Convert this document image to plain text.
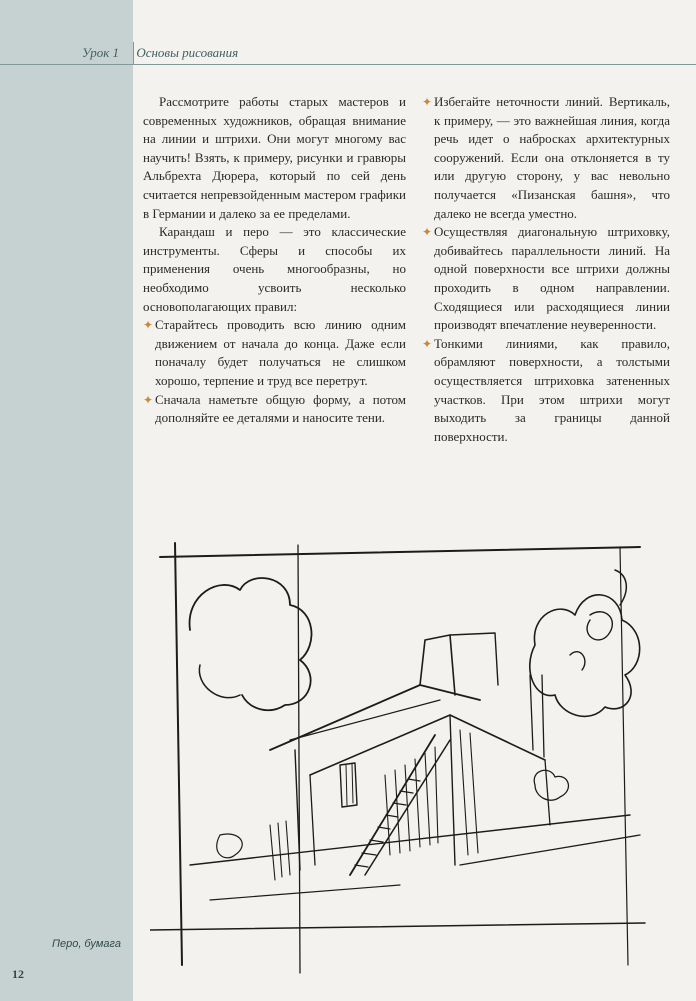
Урок 1 Основы рисования

Рассмотрите работы старых мастеров и современных художников, обращая внимание на линии и штрихи. Они могут многому вас научить! Взять, к примеру, рисунки и гравюры Альбрехта Дюрера, который по сей день считается непревзойденным мастером графики в Германии и далеко за ее пределами.

Карандаш и перо — это классические инструменты. Сферы и способы их применения очень многообразны, но необходимо усвоить несколько основополагающих правил:

✦ Старайтесь проводить всю линию одним движением от начала до конца. Даже если поначалу будет получаться не слишком хорошо, терпение и труд все перетрут.

✦ Сначала наметьте общую форму, а потом дополняйте ее деталями и наносите тени.

✦ Избегайте неточности линий. Вертикаль, к примеру, — это важнейшая линия, когда речь идет о набросках архитектурных сооружений. Если она отклоняется в ту или другую сторону, у вас невольно получается «Пизанская башня», что далеко не всегда уместно.

✦ Осуществляя диагональную штриховку, добивайтесь параллельности линий. На одной поверхности все штрихи должны проходить в одном направлении. Сходящиеся или расходящиеся линии производят впечатление неуверенности.

✦ Тонкими линиями, как правило, обрамляют поверхности, а толстыми осуществляется штриховка затененных участков. При этом штрихи могут выходить за границы данной поверхности.

Перо, бумага
12
